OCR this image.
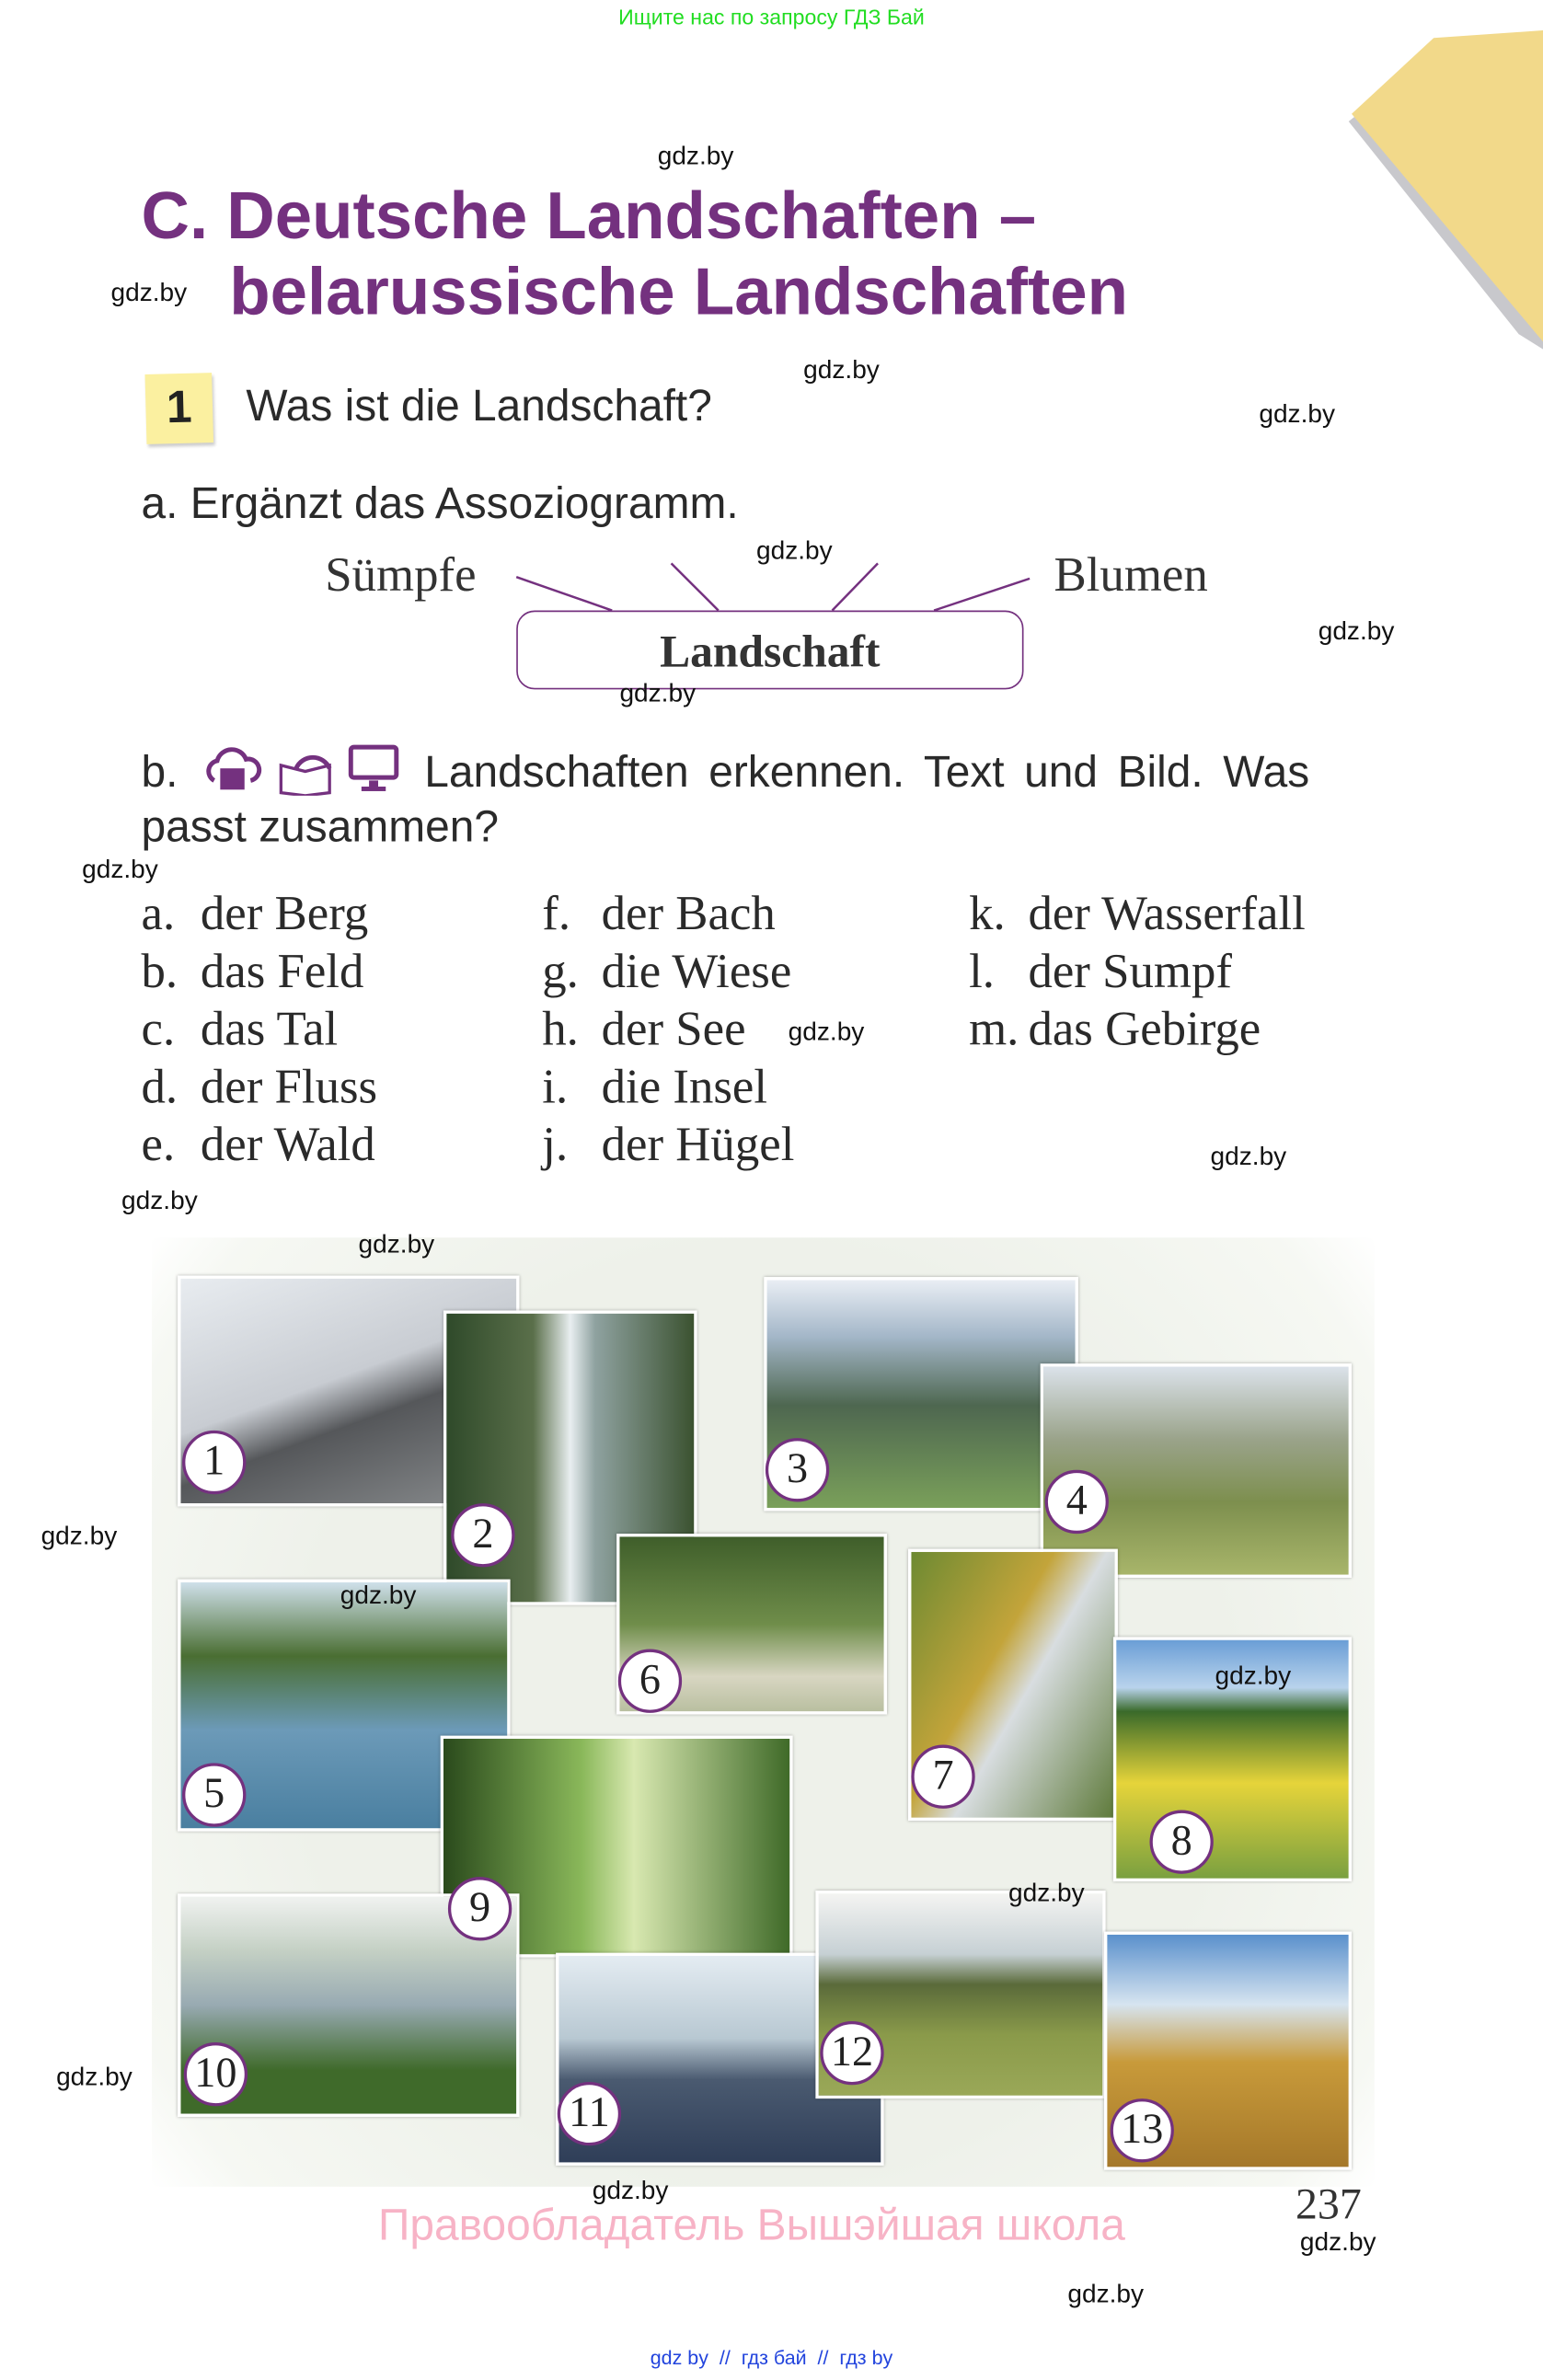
Ищите нас по запросу ГДЗ Бай
gdz.by
C. Deutsche Landschaften –
gdz.by belarussische Landschaften
gdz.by
gdz.by
1	Was ist die Landschaft?
a. Ergänzt das Assoziogramm.
gdz.by
Sümpfe	Blumen
Landschaft
gdz.by
gdz.by
b.	Landschaften erkennen. Text und Bild. Was
passt zusammen?
gdz.by
a. der Berg
b. das Feld
c. das Tal
d. der Fluss
e. der Wald
f. der Bach
g. die Wiese
h. der See
i. die Insel
j. der Hügel
k. der Wasserfall
l. der Sumpf
m. das Gebirge
gdz.by
gdz.by
gdz.by
gdz.by
1
2
3
4
5
6
7
8
9
10
11
12
13
gdz.by
gdz.by
gdz.by
gdz.by
gdz.by
gdz.by	237
gdz.by
Правообладатель Вышэйшая школа
gdz.by
gdz by  //  гдз бай  //  гдз by
